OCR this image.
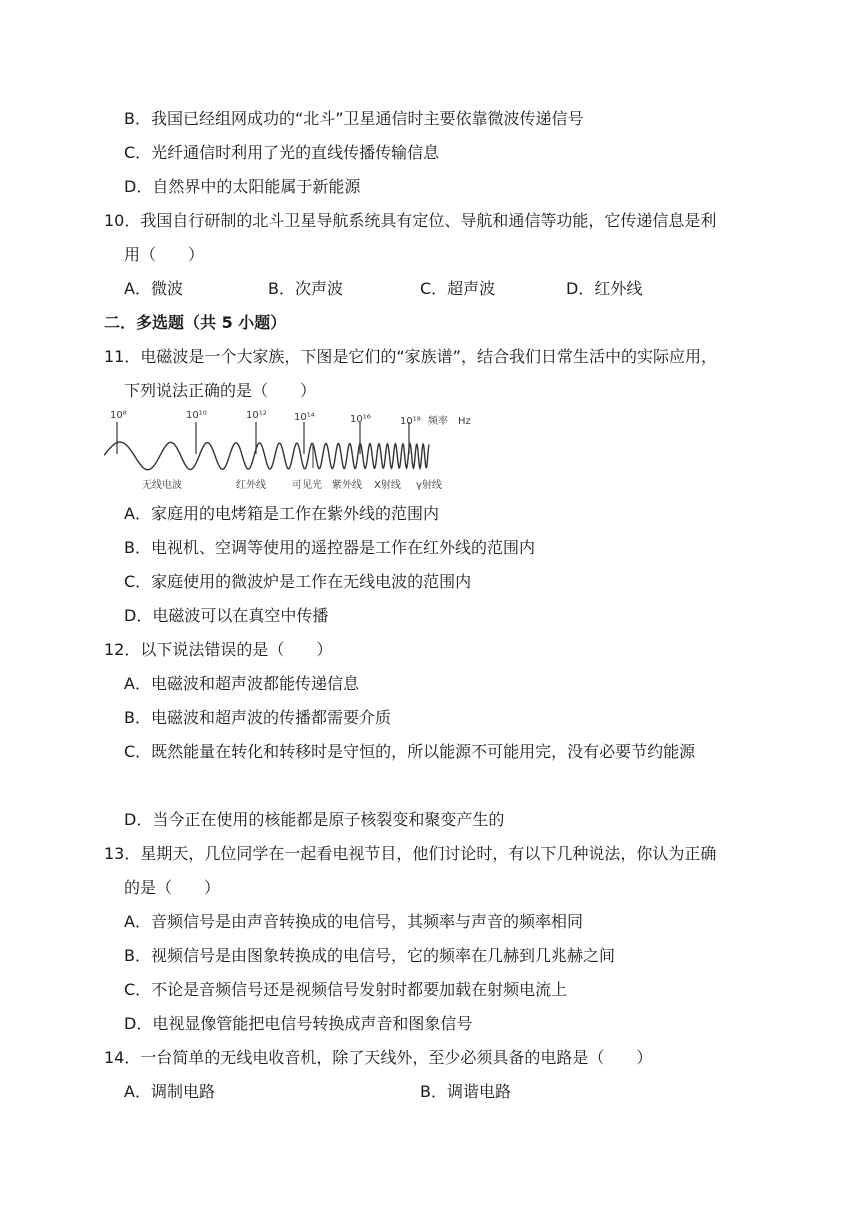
B．我国已经组网成功的“北斗”卫星通信时主要依靠微波传递信号
C．光纤通信时利用了光的直线传播传输信息
D．自然界中的太阳能属于新能源
10．我国自行研制的北斗卫星导航系统具有定位、导航和通信等功能，它传递信息是利
用（　　）
A．微波	B．次声波	C．超声波	D．红外线
二．多选题（共 5 小题）
11．电磁波是一个大家族，下图是它们的“家族谱”，结合我们日常生活中的实际应用，
下列说法正确的是（　　）
10⁸	10¹⁰	10¹²	10¹⁴	10¹⁶	10¹⁸ 频率　Hz
无线电波	红外线	可见光 紫外线 X射线 γ射线
A．家庭用的电烤箱是工作在紫外线的范围内
B．电视机、空调等使用的遥控器是工作在红外线的范围内
C．家庭使用的微波炉是工作在无线电波的范围内
D．电磁波可以在真空中传播
12．以下说法错误的是（　　）
A．电磁波和超声波都能传递信息
B．电磁波和超声波的传播都需要介质
C．既然能量在转化和转移时是守恒的，所以能源不可能用完，没有必要节约能源
D．当今正在使用的核能都是原子核裂变和聚变产生的
13．星期天，几位同学在一起看电视节目，他们讨论时，有以下几种说法，你认为正确
的是（　　）
A．音频信号是由声音转换成的电信号，其频率与声音的频率相同
B．视频信号是由图象转换成的电信号，它的频率在几赫到几兆赫之间
C．不论是音频信号还是视频信号发射时都要加载在射频电流上
D．电视显像管能把电信号转换成声音和图象信号
14．一台简单的无线电收音机，除了天线外，至少必须具备的电路是（　　）
A．调制电路	B．调谐电路
